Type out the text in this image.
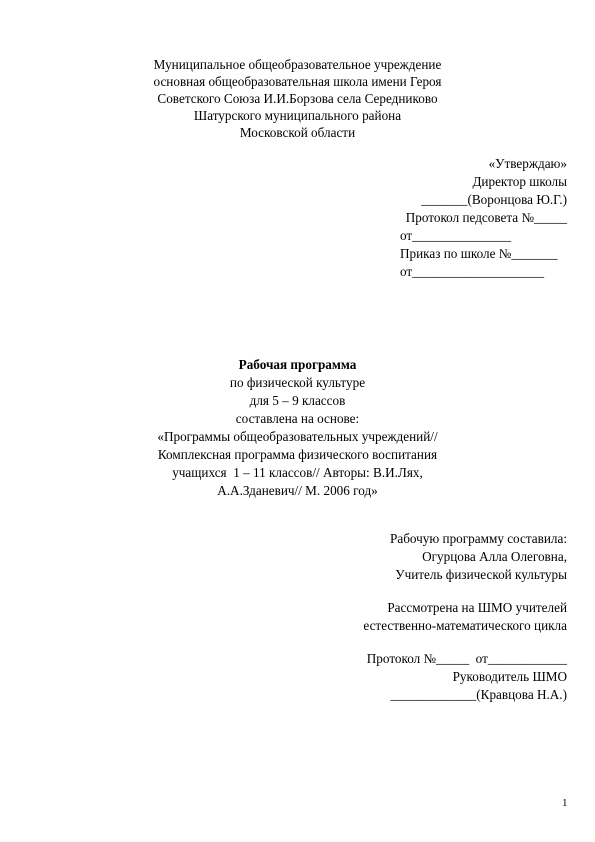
Муниципальное общеобразовательное учреждение
основная общеобразовательная школа имени Героя
Советского Союза И.И.Борзова села Середниково
Шатурского муниципального района
Московской области
«Утверждаю»
Директор школы
_______(Воронцова Ю.Г.)
Протокол педсовета №_____
от_______________
Приказ по школе №_______
от____________________
Рабочая программа
по физической культуре
для 5 – 9 классов
составлена на основе:
«Программы общеобразовательных учреждений//
Комплексная программа физического воспитания
учащихся  1 – 11 классов// Авторы: В.И.Лях,
А.А.Зданевич// М. 2006 год»
Рабочую программу составила:
Огурцова Алла Олеговна,
Учитель физической культуры
Рассмотрена на ШМО учителей
естественно-математического цикла
Протокол №_____  от____________
Руководитель ШМО
_____________(Кравцова Н.А.)
1
